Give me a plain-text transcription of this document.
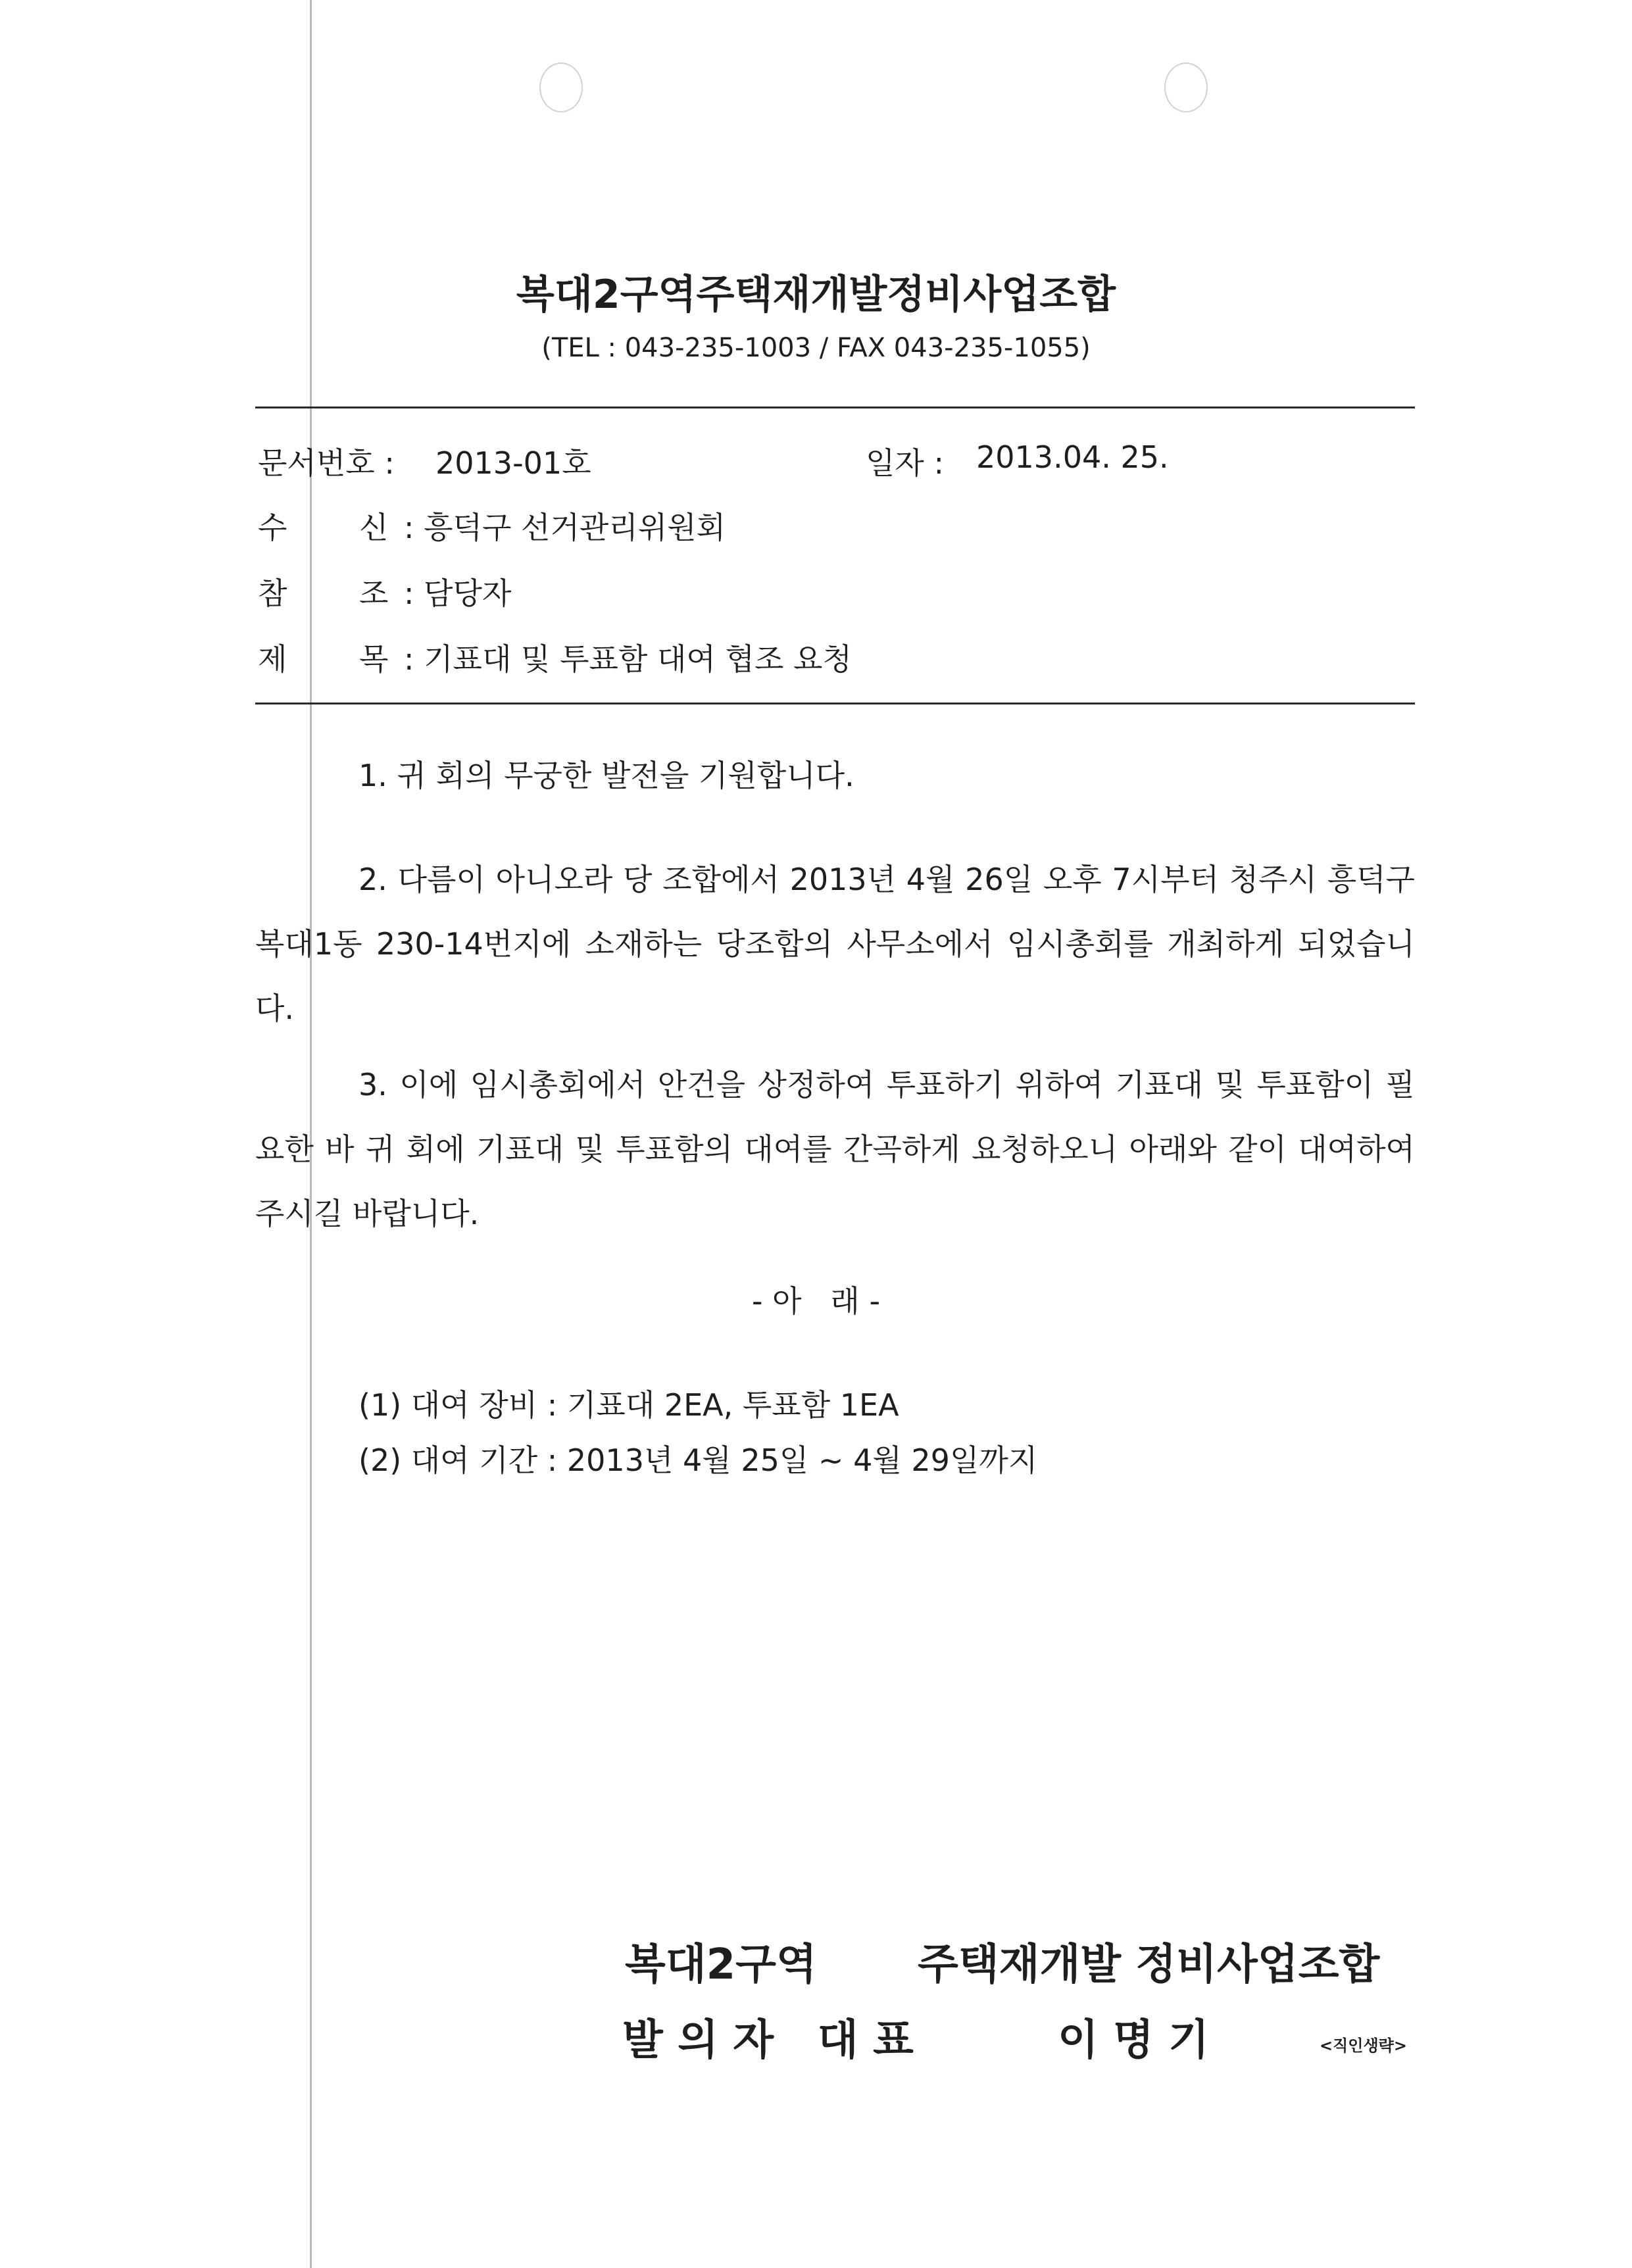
복대2구역주택재개발정비사업조합
(TEL : 043-235-1003 / FAX 043-235-1055)
문서번호 : 2013-01호	일자 : 2013.04. 25.
수 신 : 흥덕구 선거관리위원회
참 조 : 담당자
제 목 : 기표대 및 투표함 대여 협조 요청

1. 귀 회의 무궁한 발전을 기원합니다.

2. 다름이 아니오라 당 조합에서 2013년 4월 26일 오후 7시부터 청주시 흥덕구 복대1동 230-14번지에 소재하는 당조합의 사무소에서 임시총회를 개최하게 되었습니다.

3. 이에 임시총회에서 안건을 상정하여 투표하기 위하여 기표대 및 투표함이 필요한 바 귀 회에 기표대 및 투표함의 대여를 간곡하게 요청하오니 아래와 같이 대여하여 주시길 바랍니다.

- 아   래 -
(1) 대여 장비 : 기표대 2EA, 투표함 1EA
(2) 대여 기간 : 2013년 4월 25일 ~ 4월 29일까지
복대2구역 주택재개발 정비사업조합
발 의 자   대 표	이 명 기	<직인생략>
